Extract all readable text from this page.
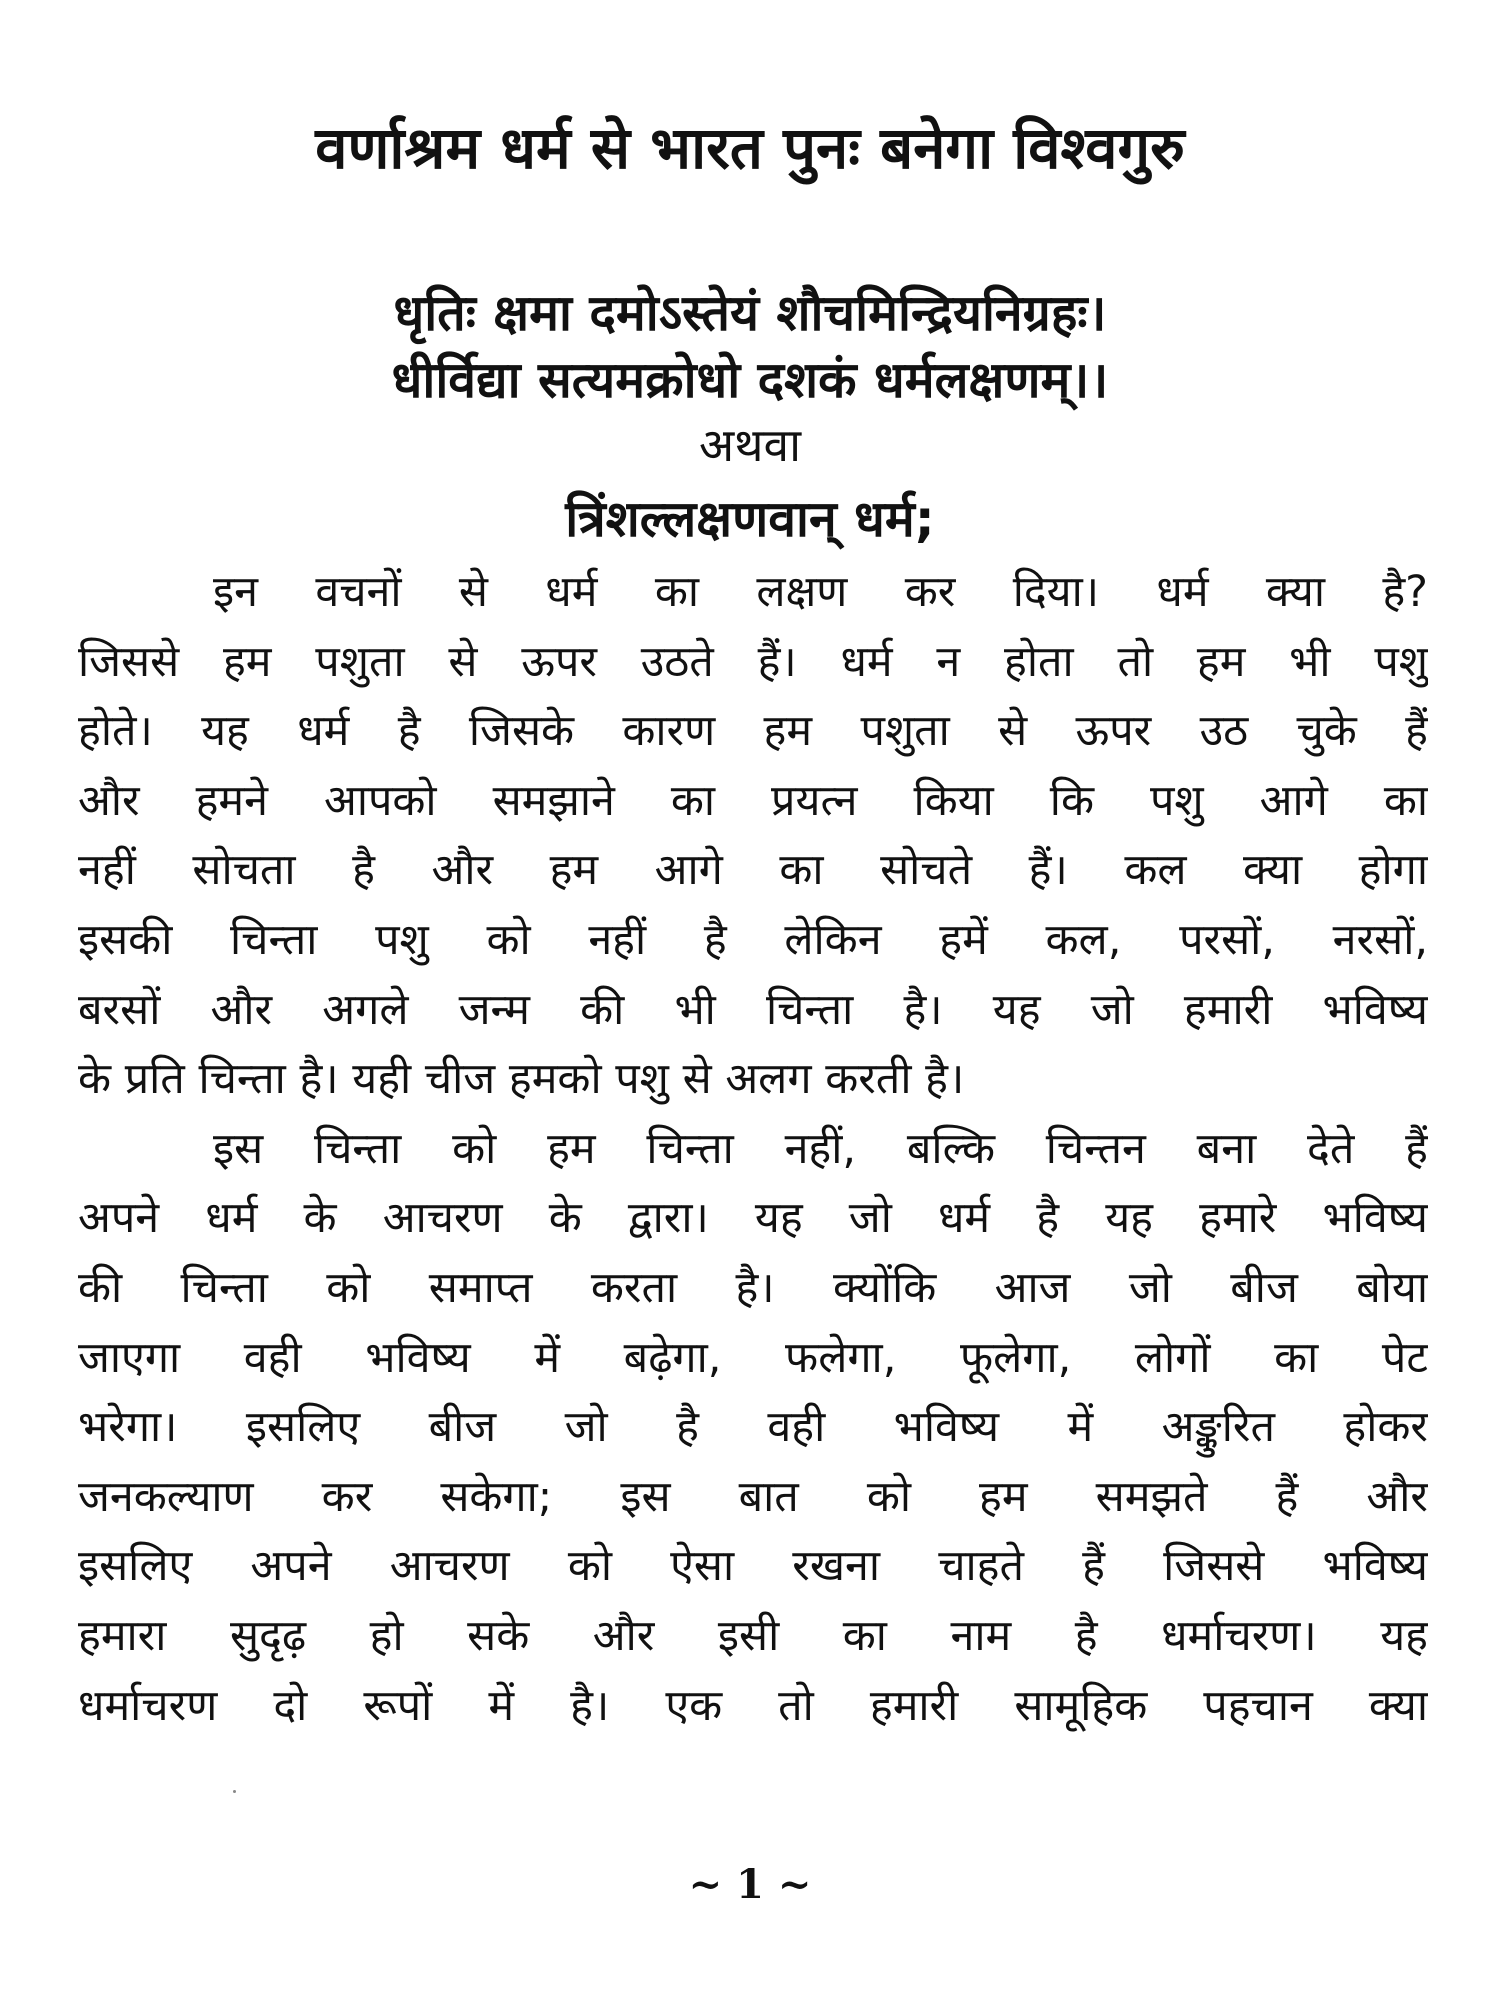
वर्णाश्रम धर्म से भारत पुनः बनेगा विश्वगुरु
धृतिः क्षमा दमोऽस्तेयं शौचमिन्द्रियनिग्रहः।
धीर्विद्या सत्यमक्रोधो दशकं धर्मलक्षणम्।।
अथवा
त्रिंशल्लक्षणवान् धर्म;
इन वचनों से धर्म का लक्षण कर दिया। धर्म क्या है?
जिससे हम पशुता से ऊपर उठते हैं। धर्म न होता तो हम भी पशु
होते। यह धर्म है जिसके कारण हम पशुता से ऊपर उठ चुके हैं
और हमने आपको समझाने का प्रयत्न किया कि पशु आगे का
नहीं सोचता है और हम आगे का सोचते हैं। कल क्या होगा
इसकी चिन्ता पशु को नहीं है लेकिन हमें कल, परसों, नरसों,
बरसों और अगले जन्म की भी चिन्ता है। यह जो हमारी भविष्य
के प्रति चिन्ता है। यही चीज हमको पशु से अलग करती है।
इस चिन्ता को हम चिन्ता नहीं, बल्कि चिन्तन बना देते हैं
अपने धर्म के आचरण के द्वारा। यह जो धर्म है यह हमारे भविष्य
की चिन्ता को समाप्त करता है। क्योंकि आज जो बीज बोया
जाएगा वही भविष्य में बढ़ेगा, फलेगा, फूलेगा, लोगों का पेट
भरेगा। इसलिए बीज जो है वही भविष्य में अङ्कुरित होकर
जनकल्याण कर सकेगा; इस बात को हम समझते हैं और
इसलिए अपने आचरण को ऐसा रखना चाहते हैं जिससे भविष्य
हमारा सुदृढ़ हो सके और इसी का नाम है धर्माचरण। यह
धर्माचरण दो रूपों में है। एक तो हमारी सामूहिक पहचान क्या
~ 1 ~
